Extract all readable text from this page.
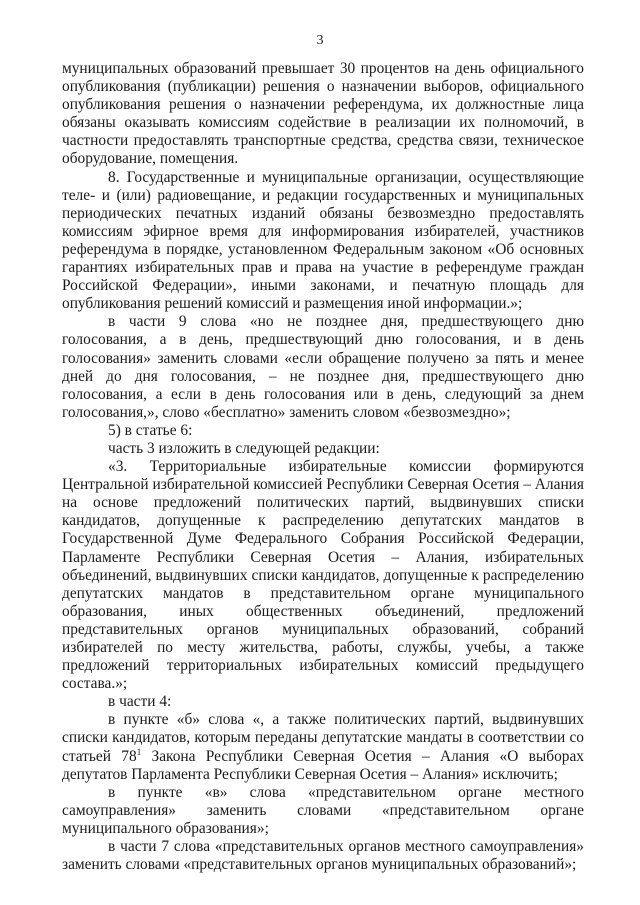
3

муниципальных образований превышает 30 процентов на день официального опубликования (публикации) решения о назначении выборов, официального опубликования решения о назначении референдума, их должностные лица обязаны оказывать комиссиям содействие в реализации их полномочий, в частности предоставлять транспортные средства, средства связи, техническое оборудование, помещения.

8. Государственные и муниципальные организации, осуществляющие теле- и (или) радиовещание, и редакции государственных и муниципальных периодических печатных изданий обязаны безвозмездно предоставлять комиссиям эфирное время для информирования избирателей, участников референдума в порядке, установленном Федеральным законом «Об основных гарантиях избирательных прав и права на участие в референдуме граждан Российской Федерации», иными законами, и печатную площадь для опубликования решений комиссий и размещения иной информации.»;

в части 9 слова «но не позднее дня, предшествующего дню голосования, а в день, предшествующий дню голосования, и в день голосования» заменить словами «если обращение получено за пять и менее дней до дня голосования, – не позднее дня, предшествующего дню голосования, а если в день голосования или в день, следующий за днем голосования,», слово «бесплатно» заменить словом «безвозмездно»;

5) в статье 6:

часть 3 изложить в следующей редакции:

«3. Территориальные избирательные комиссии формируются Центральной избирательной комиссией Республики Северная Осетия – Алания на основе предложений политических партий, выдвинувших списки кандидатов, допущенные к распределению депутатских мандатов в Государственной Думе Федерального Собрания Российской Федерации, Парламенте Республики Северная Осетия – Алания, избирательных объединений, выдвинувших списки кандидатов, допущенные к распределению депутатских мандатов в представительном органе муниципального образования, иных общественных объединений, предложений представительных органов муниципальных образований, собраний избирателей по месту жительства, работы, службы, учебы, а также предложений территориальных избирательных комиссий предыдущего состава.»;

в части 4:

в пункте «б» слова «, а также политических партий, выдвинувших списки кандидатов, которым переданы депутатские мандаты в соответствии со статьей $78^1$ Закона Республики Северная Осетия – Алания «О выборах депутатов Парламента Республики Северная Осетия – Алания» исключить;

в пункте «в» слова «представительном органе местного самоуправления» заменить словами «представительном органе муниципального образования»;

в части 7 слова «представительных органов местного самоуправления» заменить словами «представительных органов муниципальных образований»;
